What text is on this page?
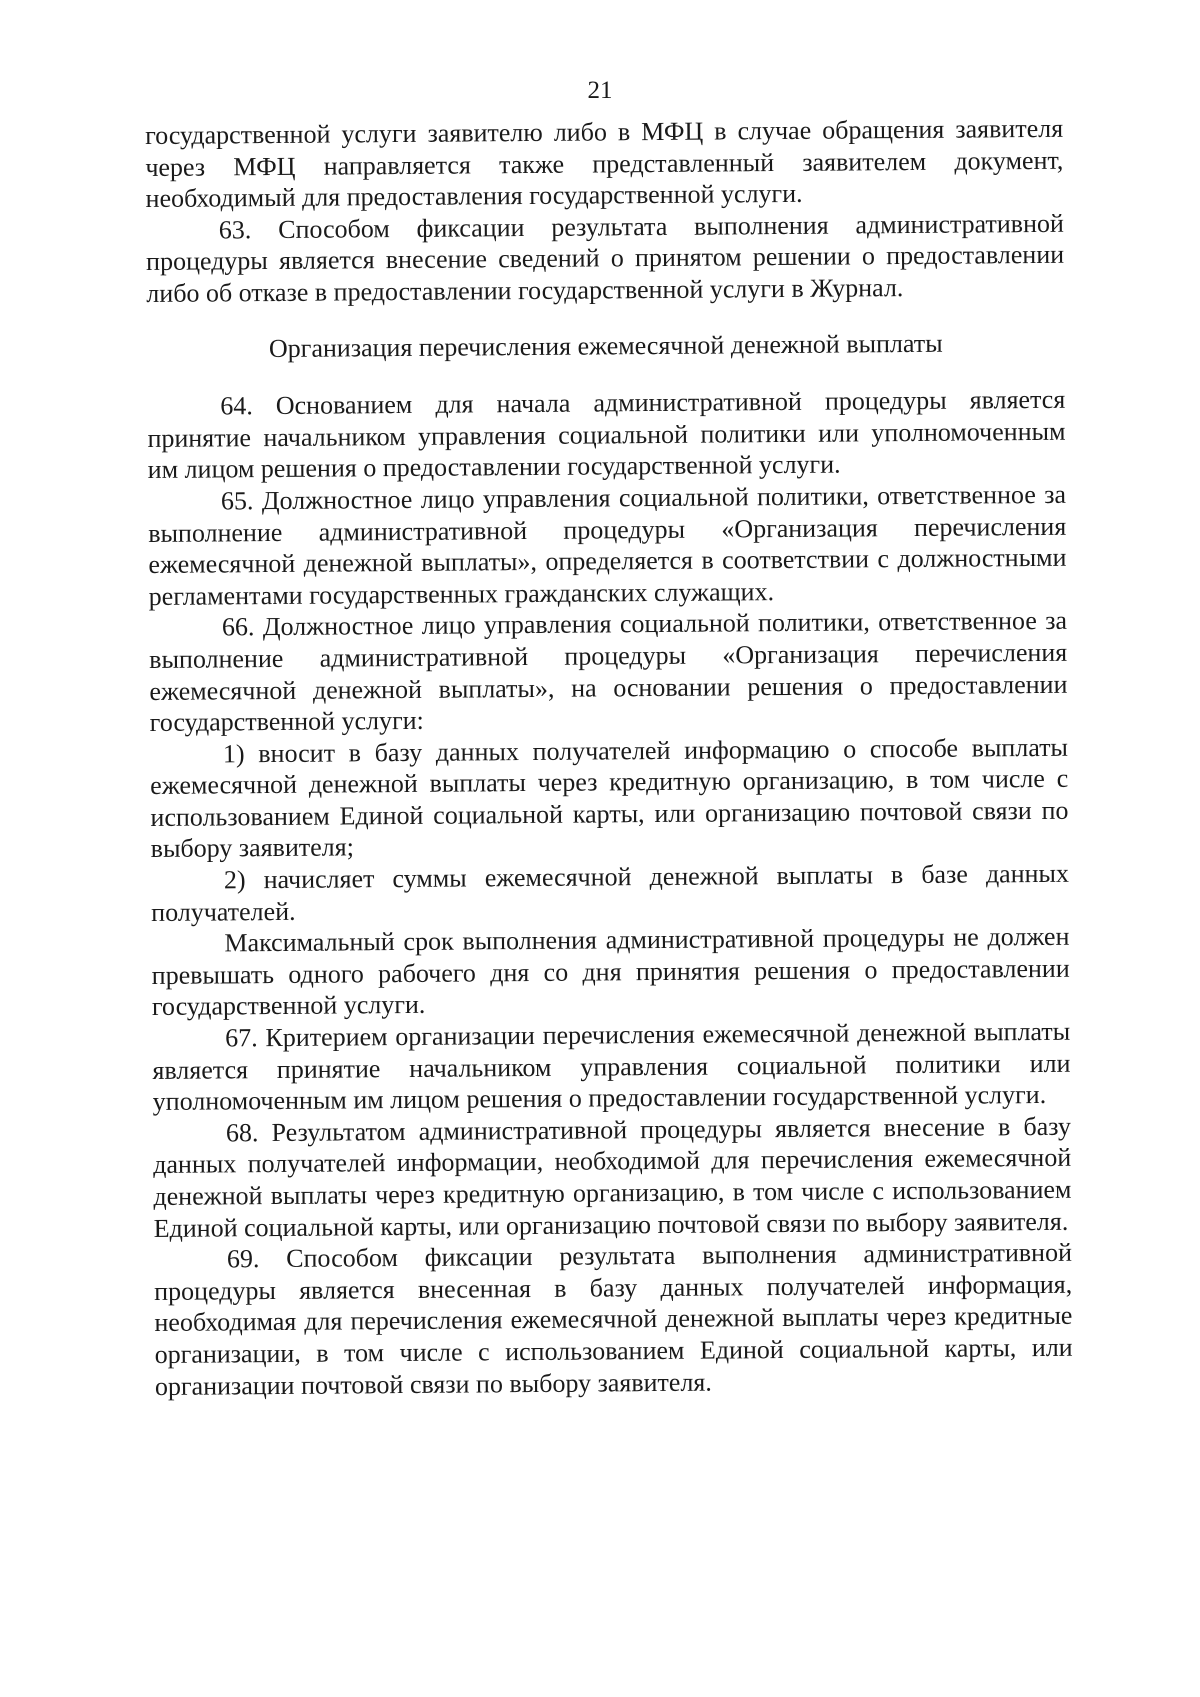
21

государственной услуги заявителю либо в МФЦ в случае обращения заявителя через МФЦ направляется также представленный заявителем документ, необходимый для предоставления государственной услуги.

63. Способом фиксации результата выполнения административной процедуры является внесение сведений о принятом решении о предоставлении либо об отказе в предоставлении государственной услуги в Журнал.

Организация перечисления ежемесячной денежной выплаты

64. Основанием для начала административной процедуры является принятие начальником управления социальной политики или уполномоченным им лицом решения о предоставлении государственной услуги.

65. Должностное лицо управления социальной политики, ответственное за выполнение административной процедуры «Организация перечисления ежемесячной денежной выплаты», определяется в соответствии с должностными регламентами государственных гражданских служащих.

66. Должностное лицо управления социальной политики, ответственное за выполнение административной процедуры «Организация перечисления ежемесячной денежной выплаты», на основании решения о предоставлении государственной услуги:

1) вносит в базу данных получателей информацию о способе выплаты ежемесячной денежной выплаты через кредитную организацию, в том числе с использованием Единой социальной карты, или организацию почтовой связи по выбору заявителя;

2) начисляет суммы ежемесячной денежной выплаты в базе данных получателей.

Максимальный срок выполнения административной процедуры не должен превышать одного рабочего дня со дня принятия решения о предоставлении государственной услуги.

67. Критерием организации перечисления ежемесячной денежной выплаты является принятие начальником управления социальной политики или уполномоченным им лицом решения о предоставлении государственной услуги.

68. Результатом административной процедуры является внесение в базу данных получателей информации, необходимой для перечисления ежемесячной денежной выплаты через кредитную организацию, в том числе с использованием Единой социальной карты, или организацию почтовой связи по выбору заявителя.

69. Способом фиксации результата выполнения административной процедуры является внесенная в базу данных получателей информация, необходимая для перечисления ежемесячной денежной выплаты через кредитные организации, в том числе с использованием Единой социальной карты, или организации почтовой связи по выбору заявителя.
